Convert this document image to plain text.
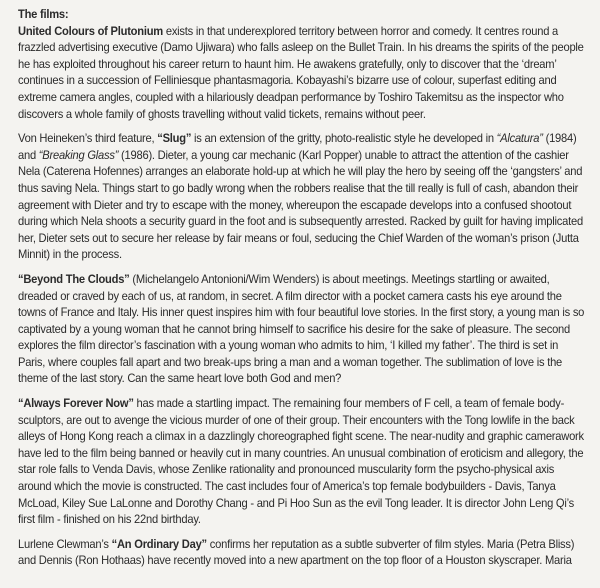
The films:

United Colours of Plutonium exists in that underexplored territory between horror and comedy. It centres round a frazzled advertising executive (Damo Ujiwara) who falls asleep on the Bullet Train. In his dreams the spirits of the people he has exploited throughout his career return to haunt him. He awakens gratefully, only to discover that the ‘dream’ continues in a succession of Felliniesque phantasmagoria. Kobayashi’s bizarre use of colour, superfast editing and extreme camera angles, coupled with a hilariously deadpan performance by Toshiro Takemitsu as the inspector who discovers a whole family of ghosts travelling without valid tickets, remains without peer.

Von Heineken’s third feature, “Slug” is an extension of the gritty, photo-realistic style he developed in “Alcatura” (1984) and “Breaking Glass” (1986). Dieter, a young car mechanic (Karl Popper) unable to attract the attention of the cashier Nela (Caterena Hofennes) arranges an elaborate hold-up at which he will play the hero by seeing off the ‘gangsters’ and thus saving Nela. Things start to go badly wrong when the robbers realise that the till really is full of cash, abandon their agreement with Dieter and try to escape with the money, whereupon the escapade develops into a confused shootout during which Nela shoots a security guard in the foot and is subsequently arrested. Racked by guilt for having implicated her, Dieter sets out to secure her release by fair means or foul, seducing the Chief Warden of the woman’s prison (Jutta Minnit) in the process.

“Beyond The Clouds” (Michelangelo Antonioni/Wim Wenders) is about meetings. Meetings startling or awaited, dreaded or craved by each of us, at random, in secret. A film director with a pocket camera casts his eye around the towns of France and Italy. His inner quest inspires him with four beautiful love stories. In the first story, a young man is so captivated by a young woman that he cannot bring himself to sacrifice his desire for the sake of pleasure. The second explores the film director’s fascination with a young woman who admits to him, ‘I killed my father’. The third is set in Paris, where couples fall apart and two break-ups bring a man and a woman together. The sublimation of love is the theme of the last story. Can the same heart love both God and men?

“Always Forever Now” has made a startling impact. The remaining four members of F cell, a team of female body-sculptors, are out to avenge the vicious murder of one of their group. Their encounters with the Tong lowlife in the back alleys of Hong Kong reach a climax in a dazzlingly choreographed fight scene. The near-nudity and graphic camerawork have led to the film being banned or heavily cut in many countries. An unusual combination of eroticism and allegory, the star role falls to Venda Davis, whose Zenlike rationality and pronounced muscularity form the psycho-physical axis around which the movie is constructed. The cast includes four of America’s top female bodybuilders - Davis, Tanya McLoad, Kiley Sue LaLonne and Dorothy Chang - and Pi Hoo Sun as the evil Tong leader. It is director John Leng Qi’s first film - finished on his 22nd birthday.

Lurlene Clewman’s “An Ordinary Day” confirms her reputation as a subtle subverter of film styles. Maria (Petra Bliss) and Dennis (Ron Hothaas) have recently moved into a new apartment on the top floor of a Houston skyscraper. Maria
